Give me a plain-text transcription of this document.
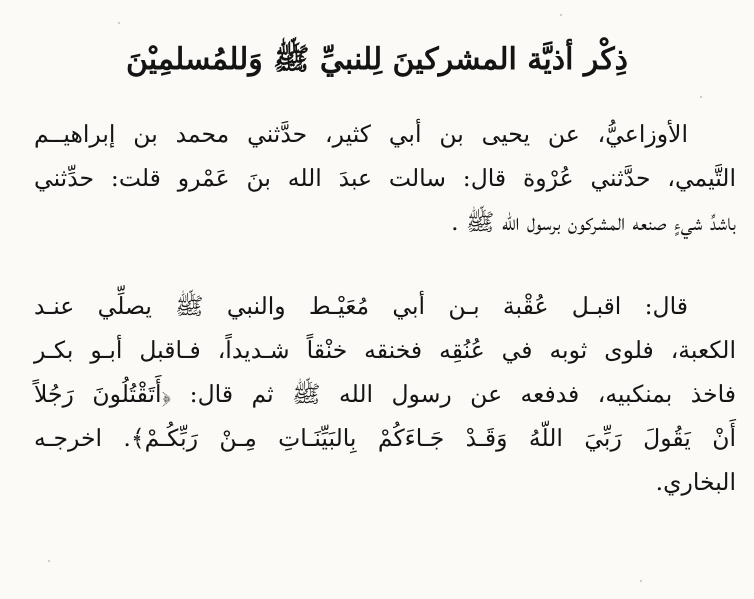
ذِكْر أذيَّة المشركينَ لِلنبيِّ ﷺ وَللمُسلمِيْنَ
الأوزاعيُّ، عن يحيى بن أبي كثير، حدَّثني محمد بن إبراهيــم
التَّيمي، حدَّثني عُرْوة قال: سالت عبدَ الله بنَ عَمْرو قلت: حدِّثني
باشدِّ شيءٍ صنعه المشركون برسول الله ﷺ .
قال: اقبـل عُقْبة بـن أبي مُعَيْـط والنبي ﷺ يصلِّي عنـد
الكعبة، فلوى ثوبه في عُنُقِه فخنقه خنْقاً شـديداً، فـاقبل أبـو بكـر
فاخذ بمنكبيه، فدفعه عن رسول الله ﷺ ثم قال: ﴿أَتَقْتُلُونَ رَجُلاً
أَنْ يَقُولَ رَبِّيَ اللّهُ وَقَـدْ جَـاءَكُمْ بِالبَيِّنَـاتِ مِـنْ رَبِّكُـمْ﴾. اخرجـه
البخاري.
